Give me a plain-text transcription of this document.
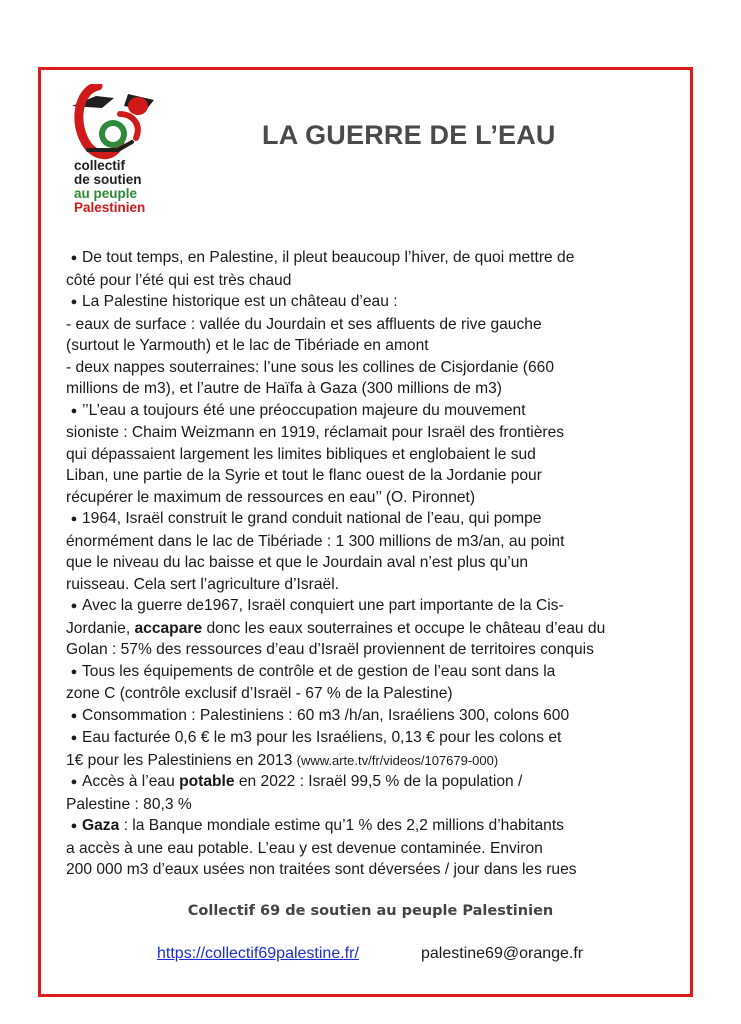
collectif
de soutien
au peuple
Palestinien
LA GUERRE DE L’EAU
● De tout temps, en Palestine, il pleut beaucoup l’hiver, de quoi mettre de
côté pour l’été qui est très chaud
● La Palestine historique est un château d’eau :
- eaux de surface : vallée du Jourdain et ses affluents de rive gauche
(surtout le Yarmouth) et le lac de Tibériade en amont
- deux nappes souterraines: l’une sous les collines de Cisjordanie (660
millions de m3), et l’autre de Haïfa à Gaza (300 millions de m3)
● ’’L’eau a toujours été une préoccupation majeure du mouvement
sioniste : Chaim Weizmann en 1919, réclamait pour Israël des frontières
qui dépassaient largement les limites bibliques et englobaient le sud
Liban, une partie de la Syrie et tout le flanc ouest de la Jordanie pour
récupérer le maximum de ressources en eau’’ (O. Pironnet)
● 1964, Israël construit le grand conduit national de l’eau, qui pompe
énormément dans le lac de Tibériade : 1 300 millions de m3/an, au point
que le niveau du lac baisse et que le Jourdain aval n’est plus qu’un
ruisseau. Cela sert l’agriculture d’Israël.
● Avec la guerre de1967, Israël conquiert une part importante de la Cis-
Jordanie, accapare donc les eaux souterraines et occupe le château d’eau du
Golan : 57% des ressources d’eau d’Israël proviennent de territoires conquis
● Tous les équipements de contrôle et de gestion de l’eau sont dans la
zone C (contrôle exclusif d’Israël - 67 % de la Palestine)
● Consommation : Palestiniens : 60 m3 /h/an, Israéliens 300, colons 600
● Eau facturée 0,6 € le m3 pour les Israéliens, 0,13 € pour les colons et
1€ pour les Palestiniens en 2013 (www.arte.tv/fr/videos/107679-000)
● Accès à l’eau potable en 2022 : Israël 99,5 % de la population /
Palestine : 80,3 %
● Gaza : la Banque mondiale estime qu’1 % des 2,2 millions d’habitants
a accès à une eau potable. L’eau y est devenue contaminée. Environ
200 000 m3 d’eaux usées non traitées sont déversées / jour dans les rues
Collectif 69 de soutien au peuple Palestinien
https://collectif69palestine.fr/	palestine69@orange.fr
